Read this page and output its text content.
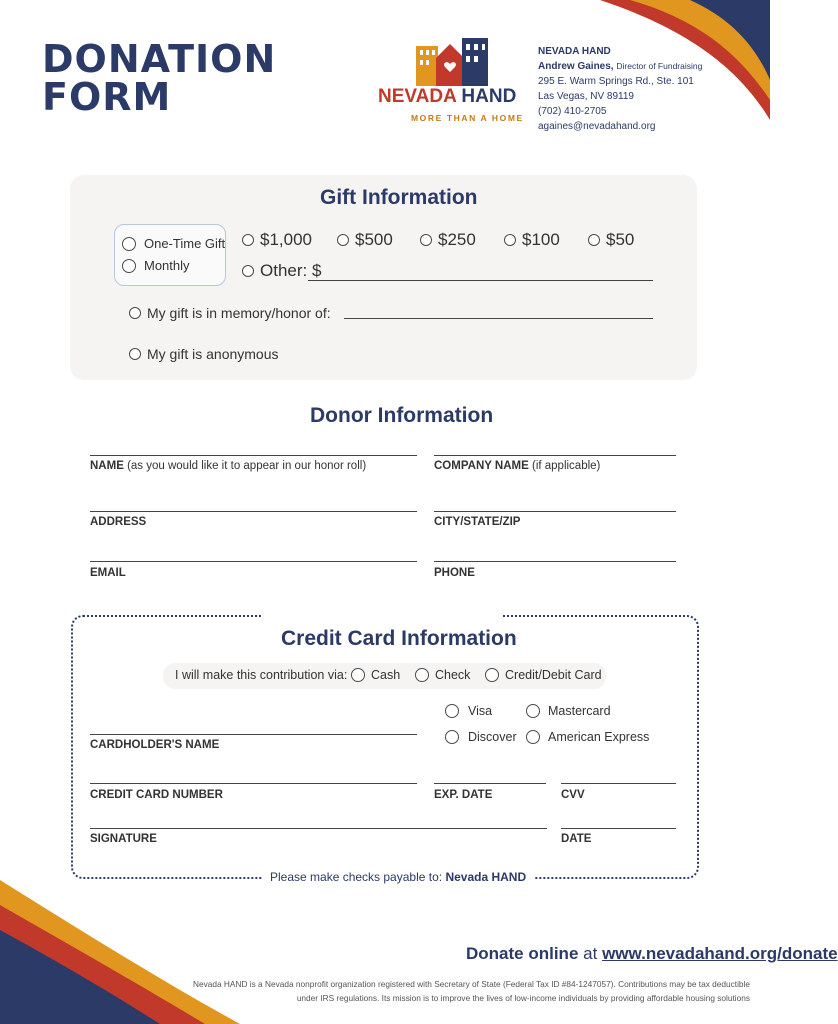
DONATION
FORM	NEVADA HAND
MORE THAN A HOME
NEVADA HAND
Andrew Gaines, Director of Fundraising
295 E. Warm Springs Rd., Ste. 101
Las Vegas, NV 89119
(702) 410-2705
againes@nevadahand.org
Gift Information
One-Time Gift
Monthly
$1,000	$500	$250	$100	$50
Other: $
My gift is in memory/honor of:
My gift is anonymous
Donor Information
NAME (as you would like it to appear in our honor roll)	COMPANY NAME (if applicable)
ADDRESS	CITY/STATE/ZIP
EMAIL	PHONE
Credit Card Information
I will make this contribution via: Cash	Check	Credit/Debit Card
Visa	Mastercard
Discover	American Express
CARDHOLDER'S NAME
CREDIT CARD NUMBER	EXP. DATE	CVV
SIGNATURE	DATE
Please make checks payable to: Nevada HAND
Donate online at www.nevadahand.org/donate
Nevada HAND is a Nevada nonprofit organization registered with Secretary of State (Federal Tax ID #84-1247057). Contributions may be tax deductible
under IRS regulations. Its mission is to improve the lives of low-income individuals by providing affordable housing solutions
